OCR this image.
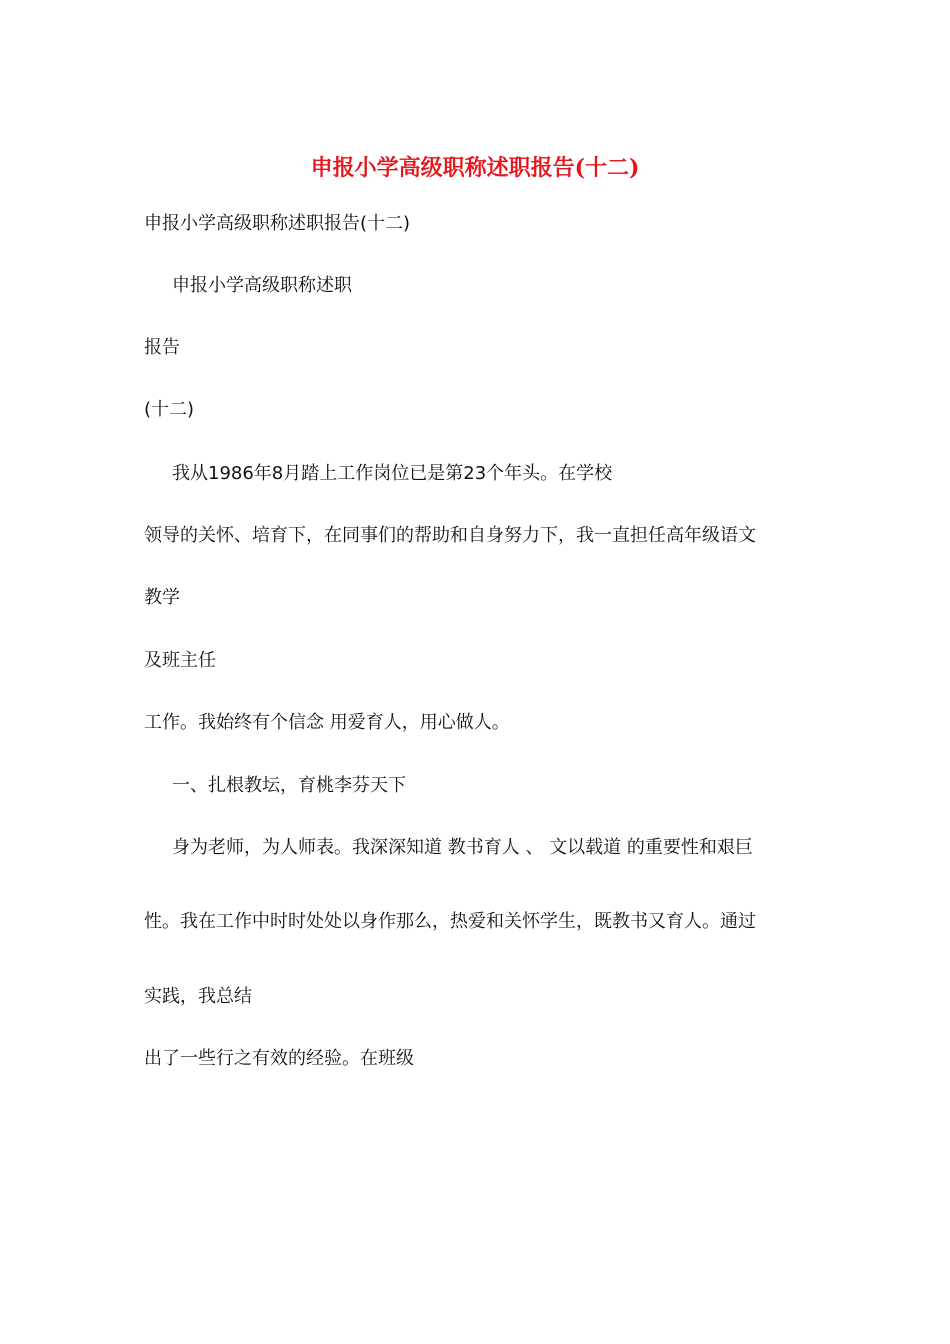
申报小学高级职称述职报告(十二)

申报小学高级职称述职报告(十二)

申报小学高级职称述职

报告

(十二)

我从1986年8月踏上工作岗位已是第23个年头。在学校

领导的关怀、培育下，在同事们的帮助和自身努力下，我一直担任高年级语文

教学

及班主任

工作。我始终有个信念 用爱育人，用心做人。

一、扎根教坛，育桃李芬天下

身为老师，为人师表。我深深知道 教书育人 、 文以载道 的重要性和艰巨

性。我在工作中时时处处以身作那么，热爱和关怀学生，既教书又育人。通过

实践，我总结

出了一些行之有效的经验。在班级
